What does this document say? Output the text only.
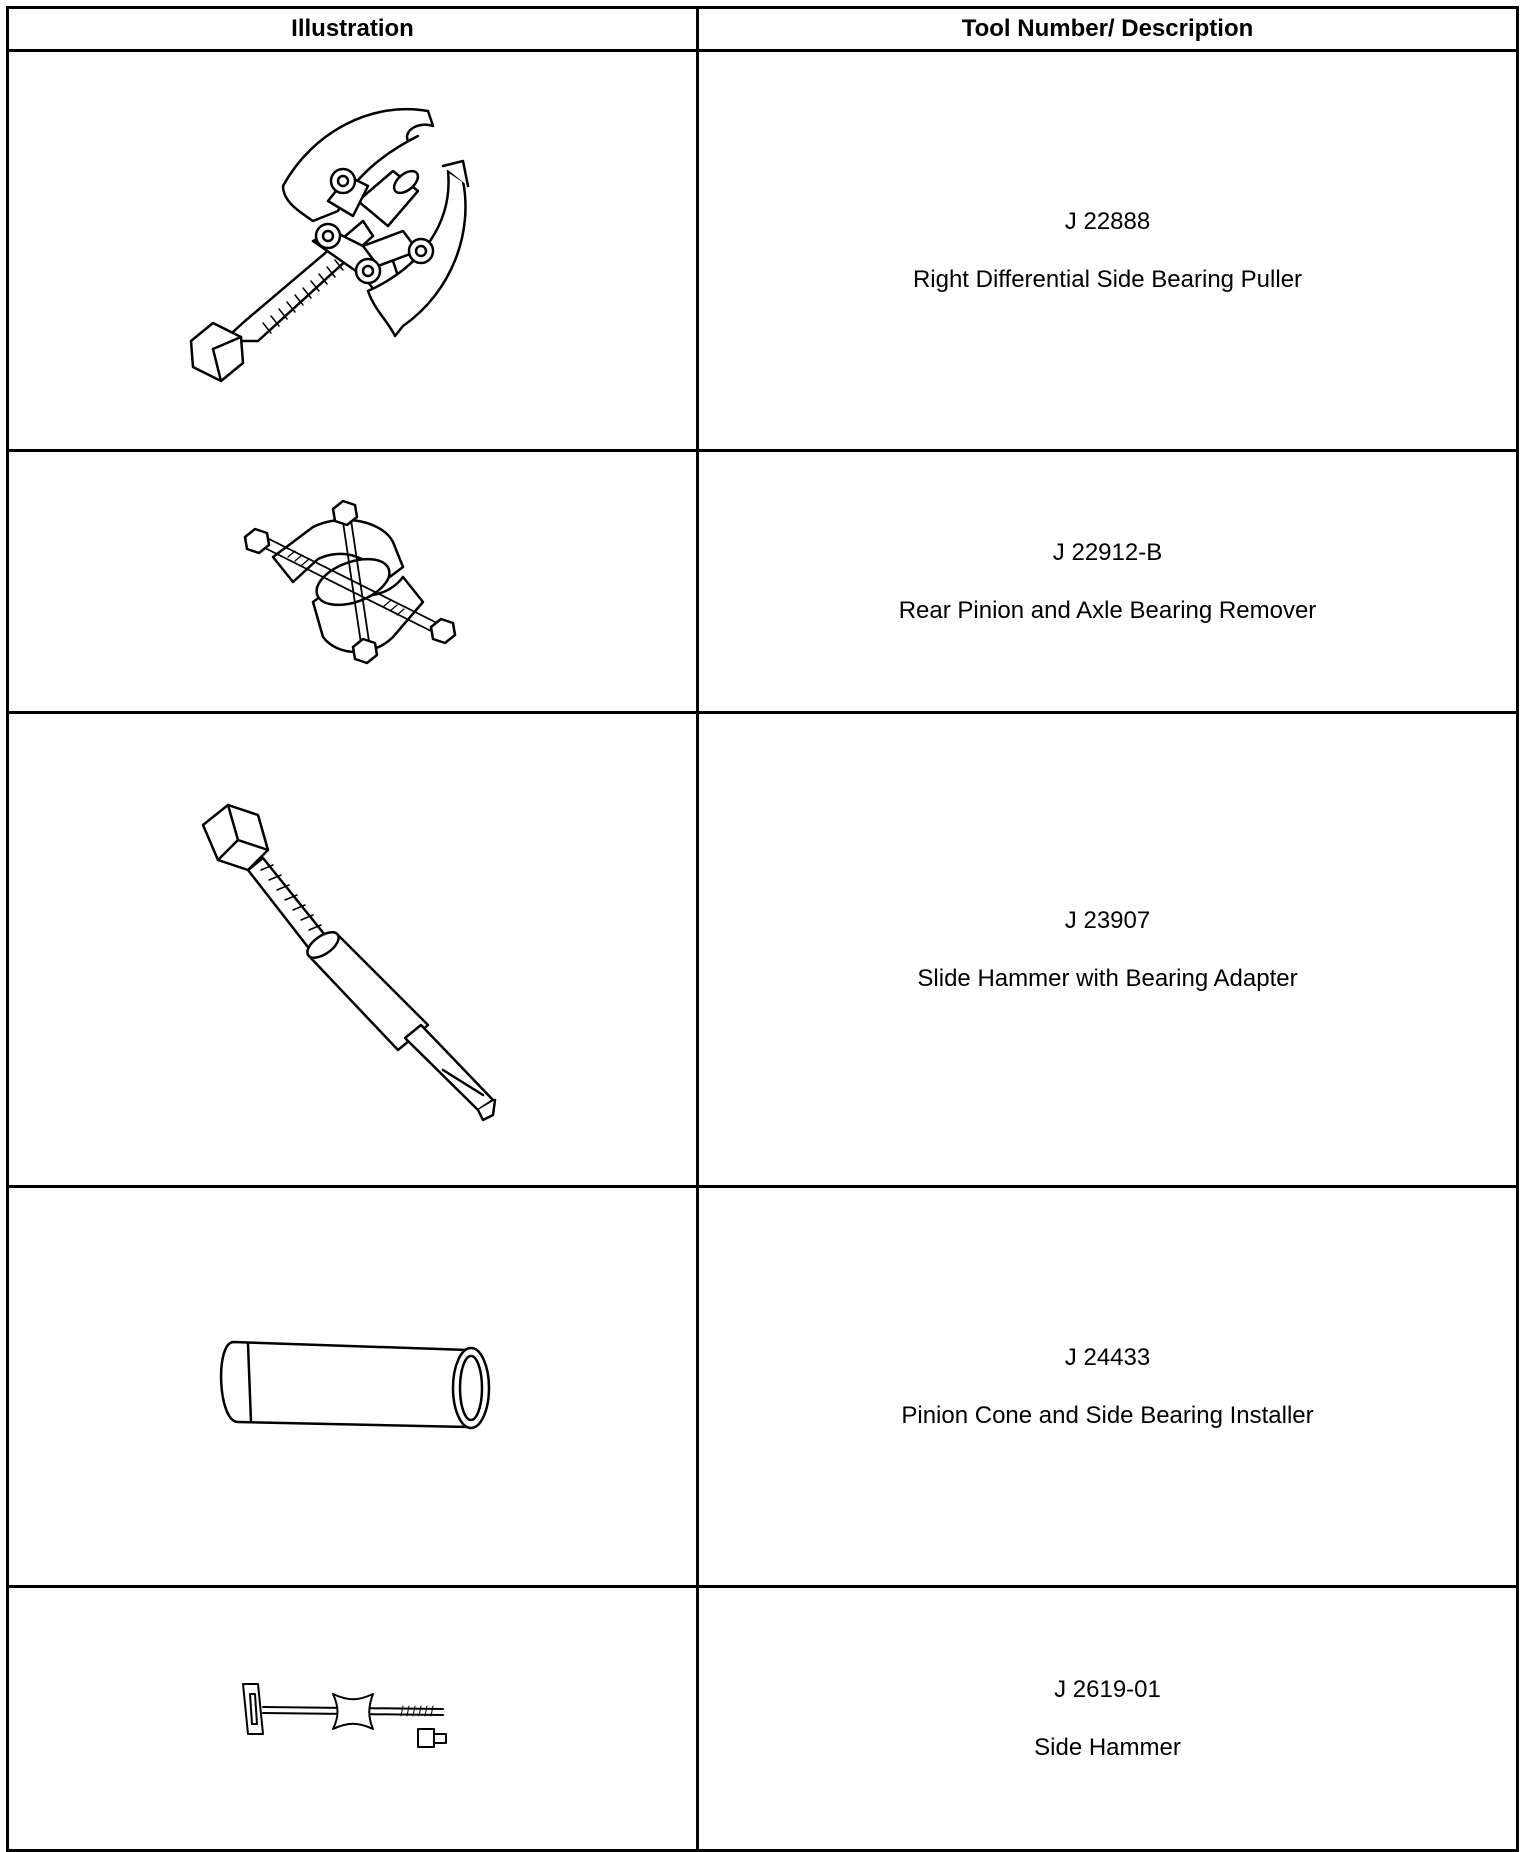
Illustration	Tool Number/ Description

J 22888
Right Differential Side Bearing Puller

J 22912-B
Rear Pinion and Axle Bearing Remover

J 23907
Slide Hammer with Bearing Adapter

J 24433
Pinion Cone and Side Bearing Installer

J 2619-01
Side Hammer
